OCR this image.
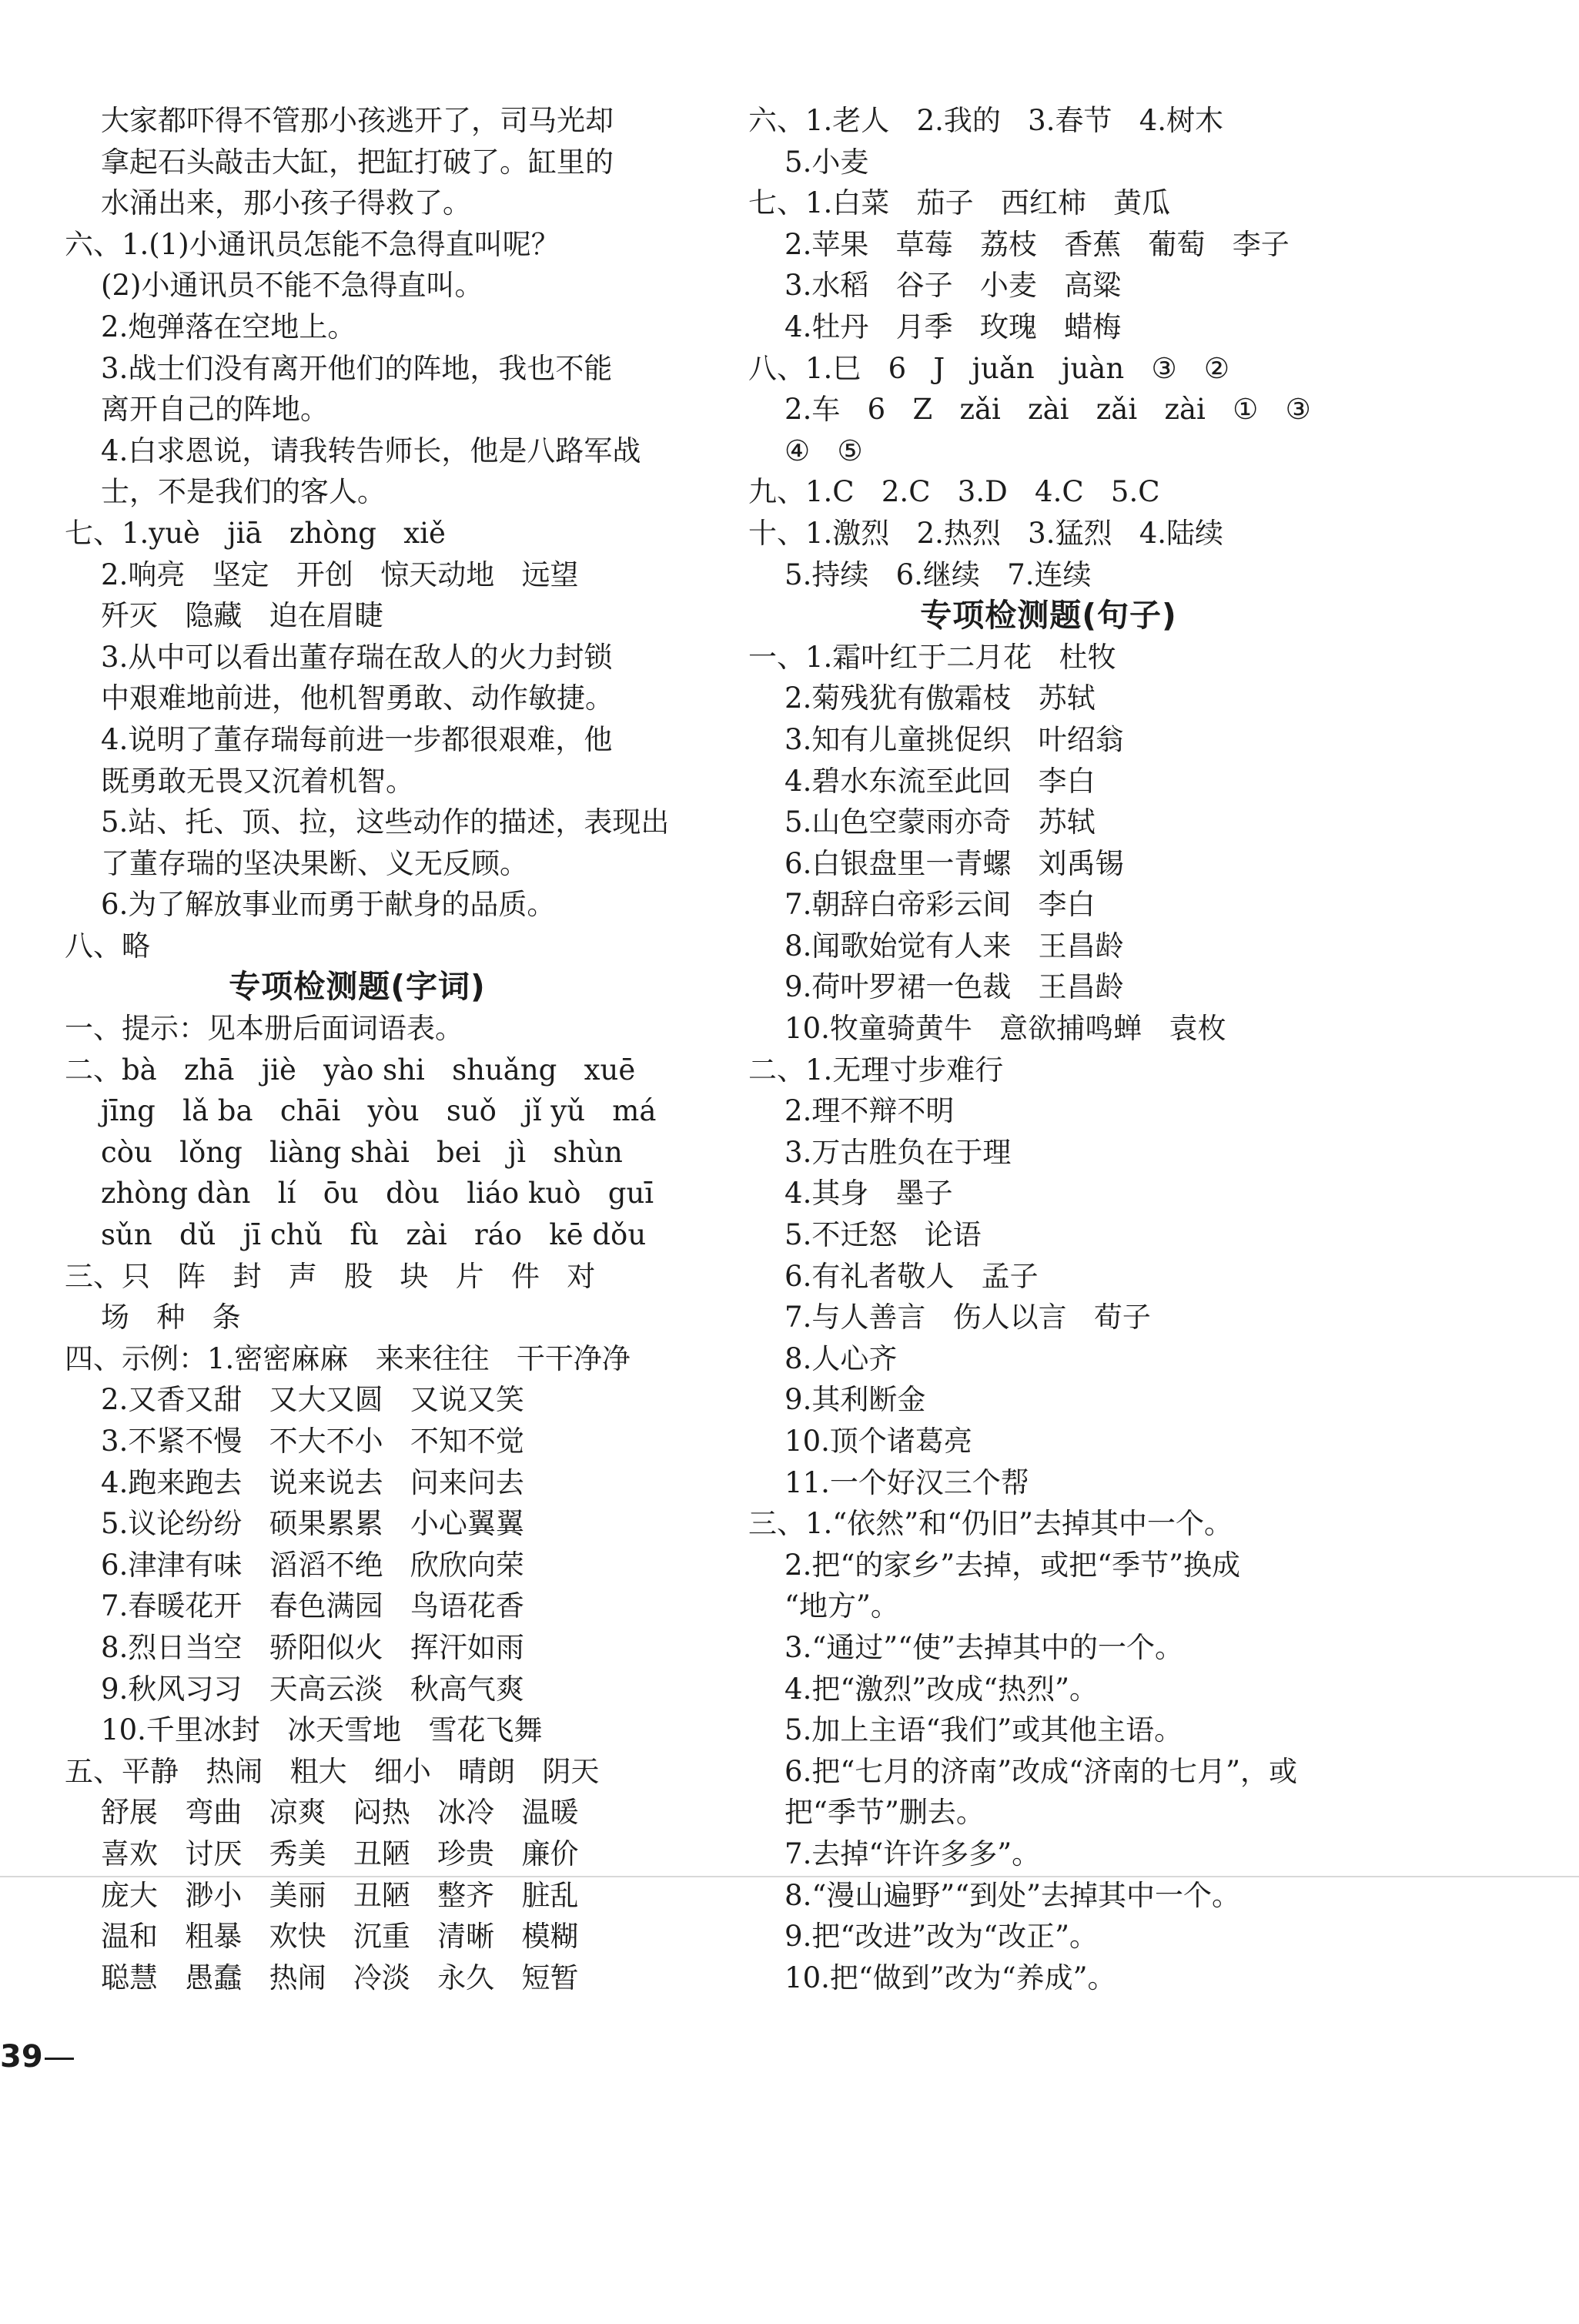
大家都吓得不管那小孩逃开了，司马光却
拿起石头敲击大缸，把缸打破了。缸里的
水涌出来，那小孩子得救了。
六、1.(1)小通讯员怎能不急得直叫呢？
(2)小通讯员不能不急得直叫。
2.炮弹落在空地上。
3.战士们没有离开他们的阵地，我也不能
离开自己的阵地。
4.白求恩说，请我转告师长，他是八路军战
士，不是我们的客人。
七、1.yuè   jiā   zhòng   xiě
2.响亮   坚定   开创   惊天动地   远望
歼灭   隐藏   迫在眉睫
3.从中可以看出董存瑞在敌人的火力封锁
中艰难地前进，他机智勇敢、动作敏捷。
4.说明了董存瑞每前进一步都很艰难，他
既勇敢无畏又沉着机智。
5.站、托、顶、拉，这些动作的描述，表现出
了董存瑞的坚决果断、义无反顾。
6.为了解放事业而勇于献身的品质。
八、略
专项检测题(字词)
一、提示：见本册后面词语表。
二、bà   zhā   jiè   yào shi   shuǎng   xuē
jīng   lǎ ba   chāi   yòu   suǒ   jǐ yǔ   má
còu   lǒng   liàng shài   bei   jì   shùn
zhòng dàn   lí   ōu   dòu   liáo kuò   guī
sǔn   dǔ   jī chǔ   fù   zài   ráo   kē dǒu
三、只   阵   封   声   股   块   片   件   对
场   种   条
四、示例：1.密密麻麻   来来往往   干干净净
2.又香又甜   又大又圆   又说又笑
3.不紧不慢   不大不小   不知不觉
4.跑来跑去   说来说去   问来问去
5.议论纷纷   硕果累累   小心翼翼
6.津津有味   滔滔不绝   欣欣向荣
7.春暖花开   春色满园   鸟语花香
8.烈日当空   骄阳似火   挥汗如雨
9.秋风习习   天高云淡   秋高气爽
10.千里冰封   冰天雪地   雪花飞舞
五、平静   热闹   粗大   细小   晴朗   阴天
舒展   弯曲   凉爽   闷热   冰冷   温暖
喜欢   讨厌   秀美   丑陋   珍贵   廉价
庞大   渺小   美丽   丑陋   整齐   脏乱
温和   粗暴   欢快   沉重   清晰   模糊
聪慧   愚蠢   热闹   冷淡   永久   短暂
六、1.老人   2.我的   3.春节   4.树木
5.小麦
七、1.白菜   茄子   西红柿   黄瓜
2.苹果   草莓   荔枝   香蕉   葡萄   李子
3.水稻   谷子   小麦   高粱
4.牡丹   月季   玫瑰   蜡梅
八、1.巳   6   J   juǎn   juàn   ③   ②
2.车   6   Z   zǎi   zài   zǎi   zài   ①   ③
④   ⑤
九、1.C   2.C   3.D   4.C   5.C
十、1.激烈   2.热烈   3.猛烈   4.陆续
5.持续   6.继续   7.连续
专项检测题(句子)
一、1.霜叶红于二月花   杜牧
2.菊残犹有傲霜枝   苏轼
3.知有儿童挑促织   叶绍翁
4.碧水东流至此回   李白
5.山色空蒙雨亦奇   苏轼
6.白银盘里一青螺   刘禹锡
7.朝辞白帝彩云间   李白
8.闻歌始觉有人来   王昌龄
9.荷叶罗裙一色裁   王昌龄
10.牧童骑黄牛   意欲捕鸣蝉   袁枚
二、1.无理寸步难行
2.理不辩不明
3.万古胜负在于理
4.其身   墨子
5.不迁怒   论语
6.有礼者敬人   孟子
7.与人善言   伤人以言   荀子
8.人心齐
9.其利断金
10.顶个诸葛亮
11.一个好汉三个帮
三、1.“依然”和“仍旧”去掉其中一个。
2.把“的家乡”去掉，或把“季节”换成
“地方”。
3.“通过”“使”去掉其中的一个。
4.把“激烈”改成“热烈”。
5.加上主语“我们”或其他主语。
6.把“七月的济南”改成“济南的七月”，或
把“季节”删去。
7.去掉“许许多多”。
8.“漫山遍野”“到处”去掉其中一个。
9.把“改进”改为“改正”。
10.把“做到”改为“养成”。
39
